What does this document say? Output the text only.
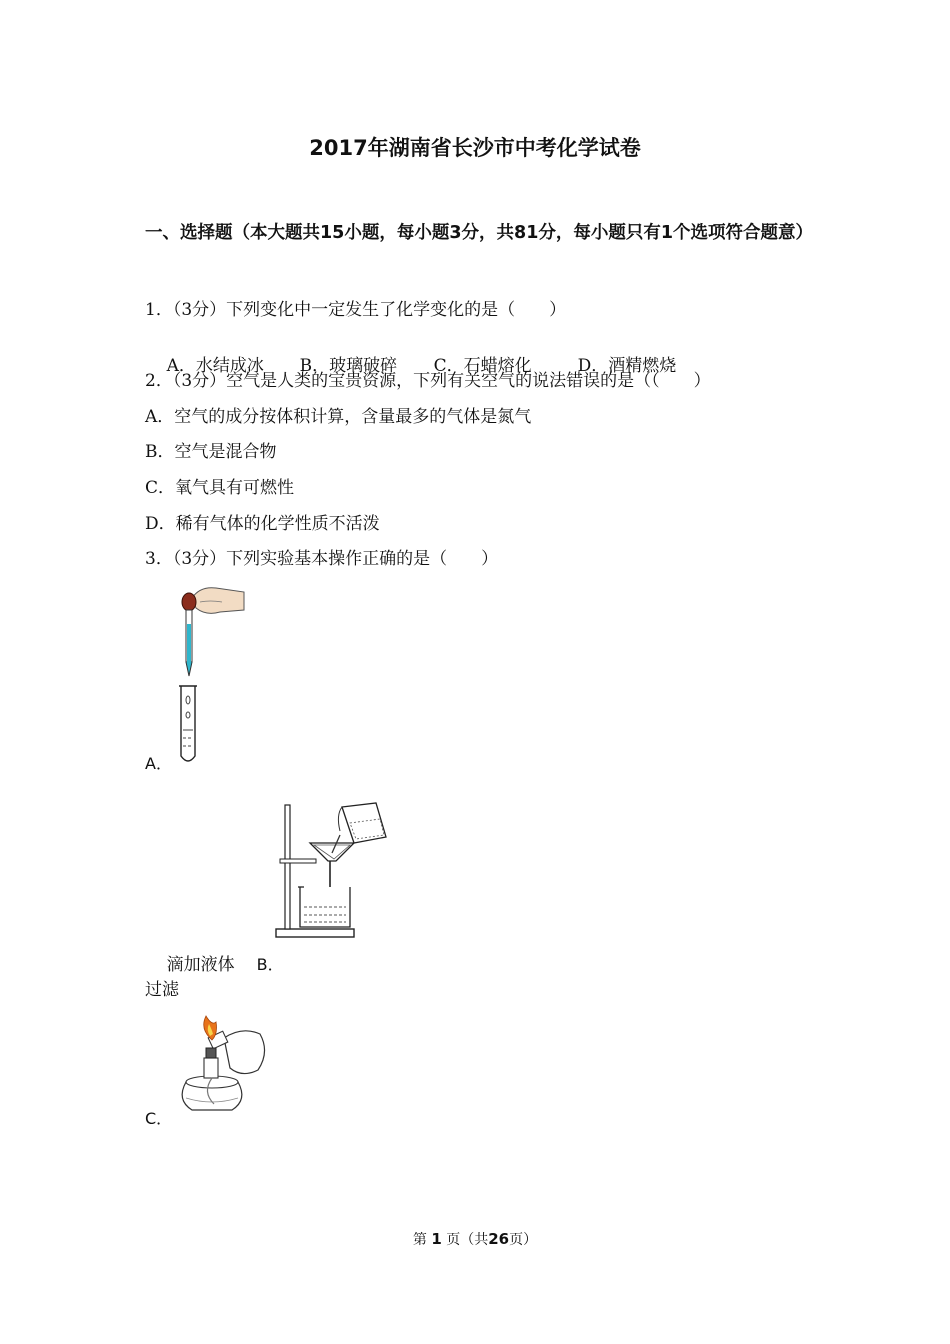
2017年湖南省长沙市中考化学试卷
一、选择题（本大题共15小题，每小题3分，共81分，每小题只有1个选项符合题意）
1．（3分）下列变化中一定发生了化学变化的是（　　）

A．水结成冰 B．玻璃破碎 C．石蜡熔化	D．酒精燃烧

2．（3分）空气是人类的宝贵资源，下列有关空气的说法错误的是（（　　）
A．空气的成分按体积计算，含量最多的气体是氮气
B．空气是混合物
C．氧气具有可燃性
D．稀有气体的化学性质不活泼
3．（3分）下列实验基本操作正确的是（　　）
A．

滴加液体 B．

过滤
C．
第 1 页（共26页）
